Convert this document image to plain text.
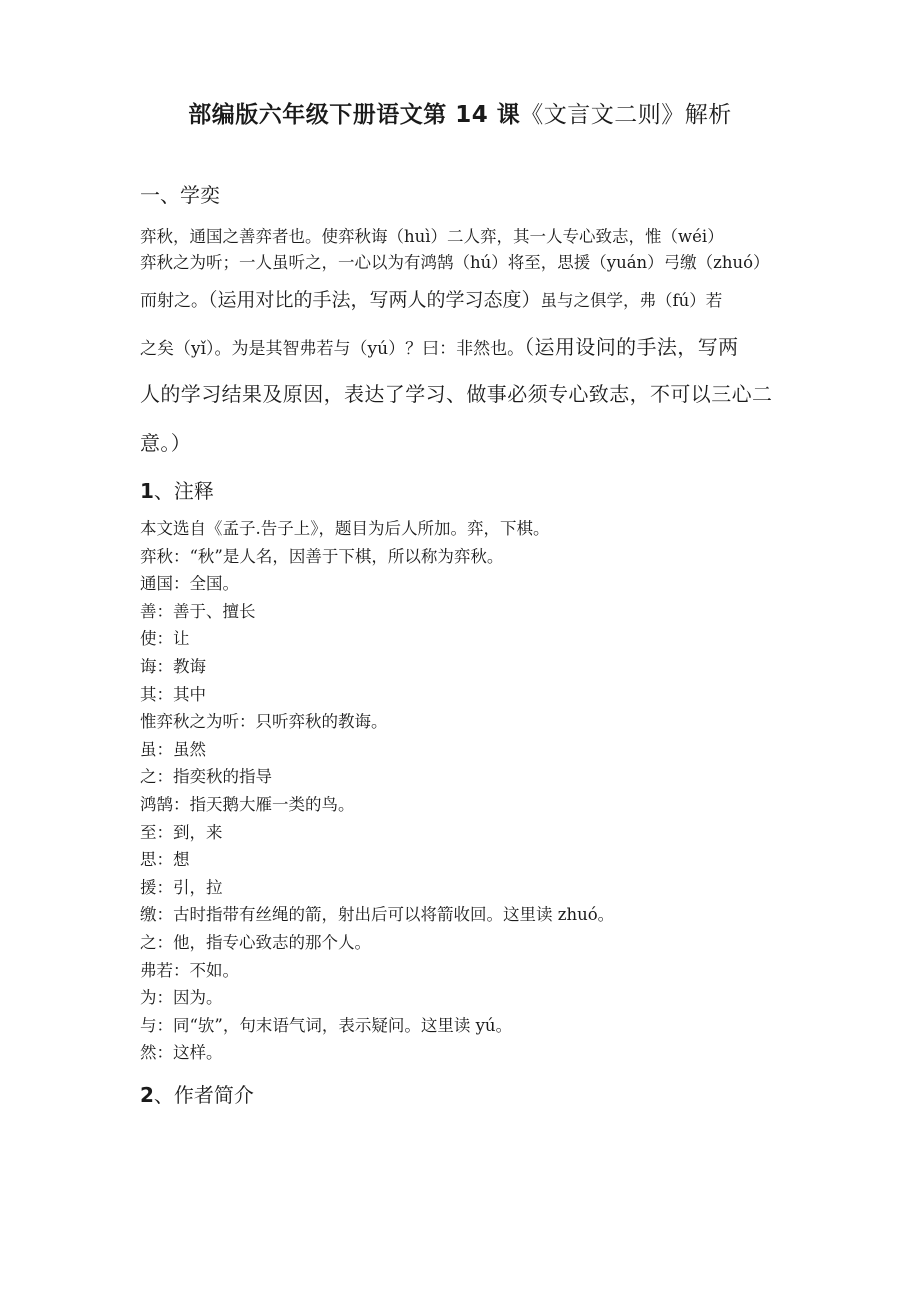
部编版六年级下册语文第 14 课《文言文二则》解析
一、学奕
弈秋，通国之善弈者也。使弈秋诲（huì）二人弈，其一人专心致志，惟（wéi）
弈秋之为听；一人虽听之，一心以为有鸿鹄（hú）将至，思援（yuán）弓缴（zhuó）
而射之。（运用对比的手法，写两人的学习态度）虽与之俱学，弗（fú）若
之矣（yǐ）。为是其智弗若与（yú）？曰：非然也。（运用设问的手法，写两
人的学习结果及原因，表达了学习、做事必须专心致志，不可以三心二
意。）
1、注释
本文选自《孟子.告子上》，题目为后人所加。弈，下棋。
弈秋：“秋”是人名，因善于下棋，所以称为弈秋。
通国：全国。
善：善于、擅长
使：让
诲：教诲
其：其中
惟弈秋之为听：只听弈秋的教诲。
虽：虽然
之：指奕秋的指导
鸿鹄：指天鹅大雁一类的鸟。
至：到，来
思：想
援：引，拉
缴：古时指带有丝绳的箭，射出后可以将箭收回。这里读 zhuó。
之：他，指专心致志的那个人。
弗若：不如。
为：因为。
与：同“欤”，句末语气词，表示疑问。这里读 yú。
然：这样。
2、作者简介
